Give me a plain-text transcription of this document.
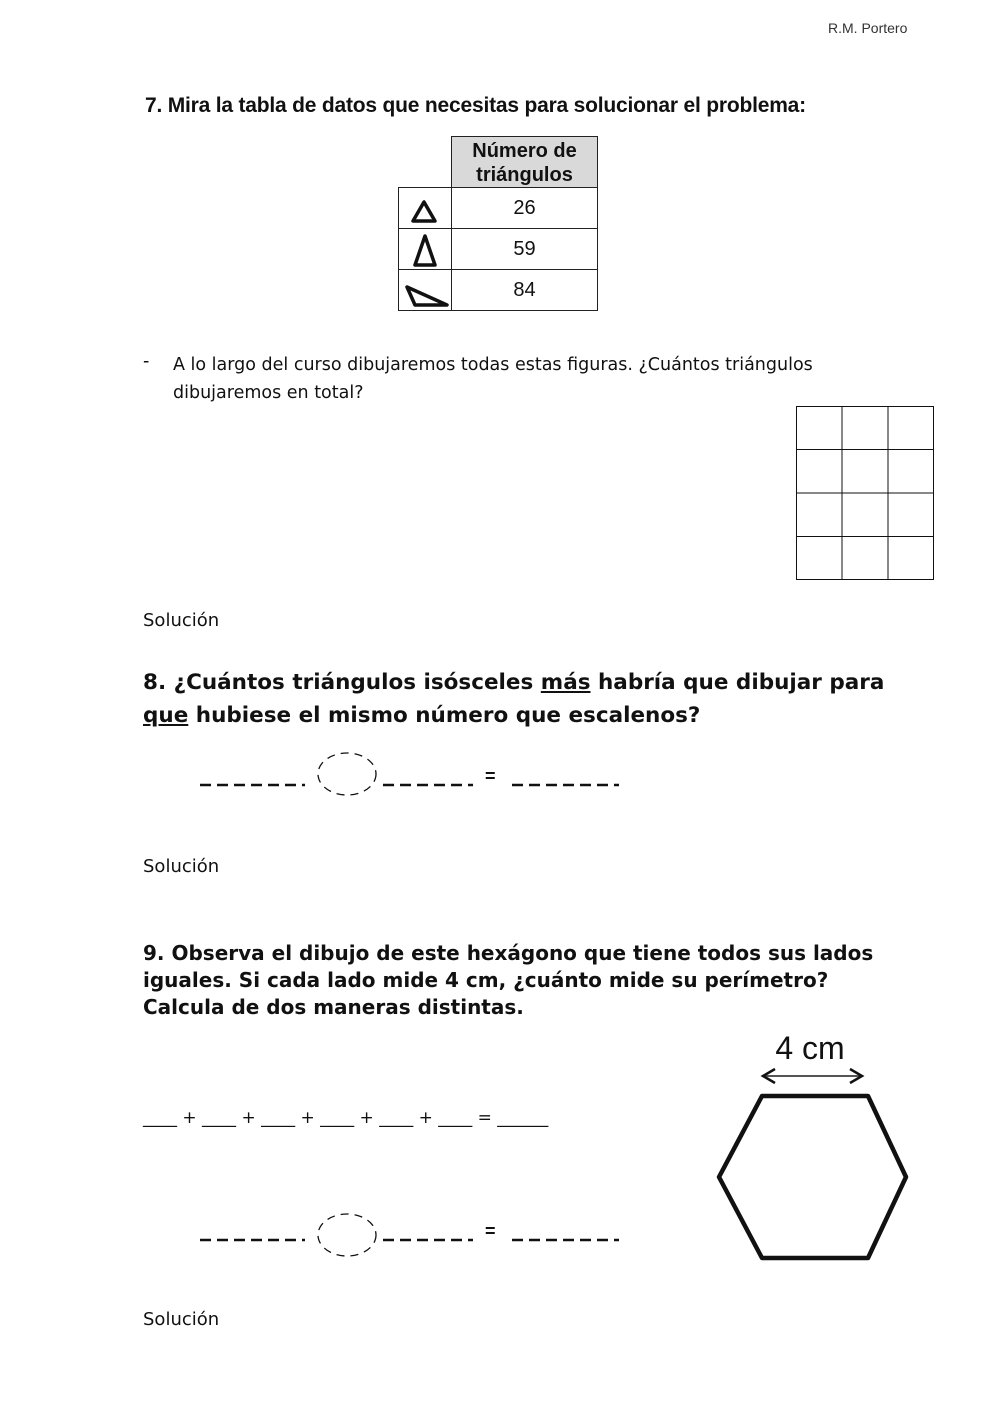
R.M. Portero
7. Mira la tabla de datos que necesitas para solucionar el problema:
Número de triángulos
26
59
84
- A lo largo del curso dibujaremos todas estas figuras. ¿Cuántos triángulos dibujaremos en total?
Solución
8. ¿Cuántos triángulos isósceles más habría que dibujar para que hubiese el mismo número que escalenos?
=
Solución
9. Observa el dibujo de este hexágono que tiene todos sus lados iguales. Si cada lado mide 4 cm, ¿cuánto mide su perímetro? Calcula de dos maneras distintas.
____ + ____ + ____ + ____ + ____ + ____ = ______
=
4 cm
Solución
